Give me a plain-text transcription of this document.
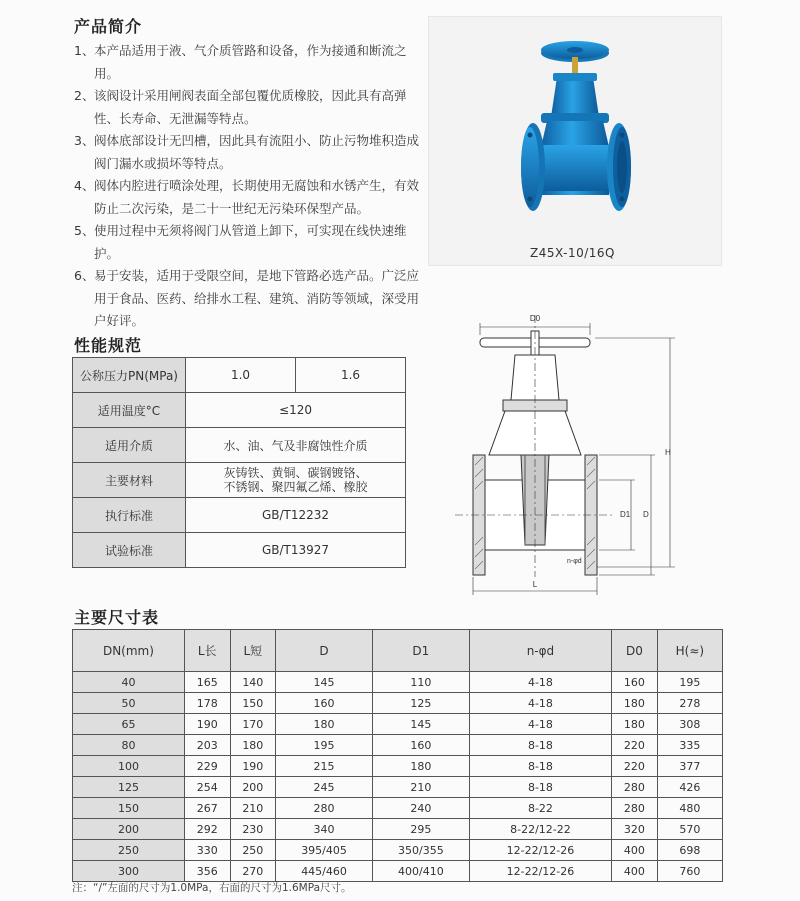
产品简介
1、 本产品适用于液、气介质管路和设备，作为接通和断流之用。
2、 该阀设计采用闸阀表面全部包覆优质橡胶，因此具有高弹性、长寿命、无泄漏等特点。
3、 阀体底部设计无凹槽，因此具有流阻小、防止污物堆积造成阀门漏水或损坏等特点。
4、 阀体内腔进行喷涂处理，长期使用无腐蚀和水锈产生，有效防止二次污染，是二十一世纪无污染环保型产品。
5、 使用过程中无须将阀门从管道上卸下，可实现在线快速维护。
6、 易于安装，适用于受限空间，是地下管路必选产品。广泛应用于食品、医药、给排水工程、建筑、消防等领域，深受用户好评。
Z45X-10/16Q
性能规范
公称压力PN(MPa)	1.0	1.6
适用温度°C	≤120	
适用介质	水、油、气及非腐蚀性介质	
主要材料	灰铸铁、黄铜、碳钢镀铬、
不锈钢、聚四氟乙烯、橡胶	

执行标准	GB/T12232	
试验标准	GB/T13927	
D0
H
D
D1
n-φd
L
主要尺寸表
DN(mm)	L长	L短	D	D1	n-φd	D0	H(≈)
40	165	140	145	110	4-18	160	195
50	178	150	160	125	4-18	180	278
65	190	170	180	145	4-18	180	308
80	203	180	195	160	8-18	220	335
100	229	190	215	180	8-18	220	377
125	254	200	245	210	8-18	280	426
150	267	210	280	240	8-22	280	480
200	292	230	340	295	8-22/12-22	320	570
250	330	250	395/405	350/355	12-22/12-26	400	698
300	356	270	445/460	400/410	12-22/12-26	400	760
注：“/”左面的尺寸为1.0MPa，右面的尺寸为1.6MPa尺寸。
